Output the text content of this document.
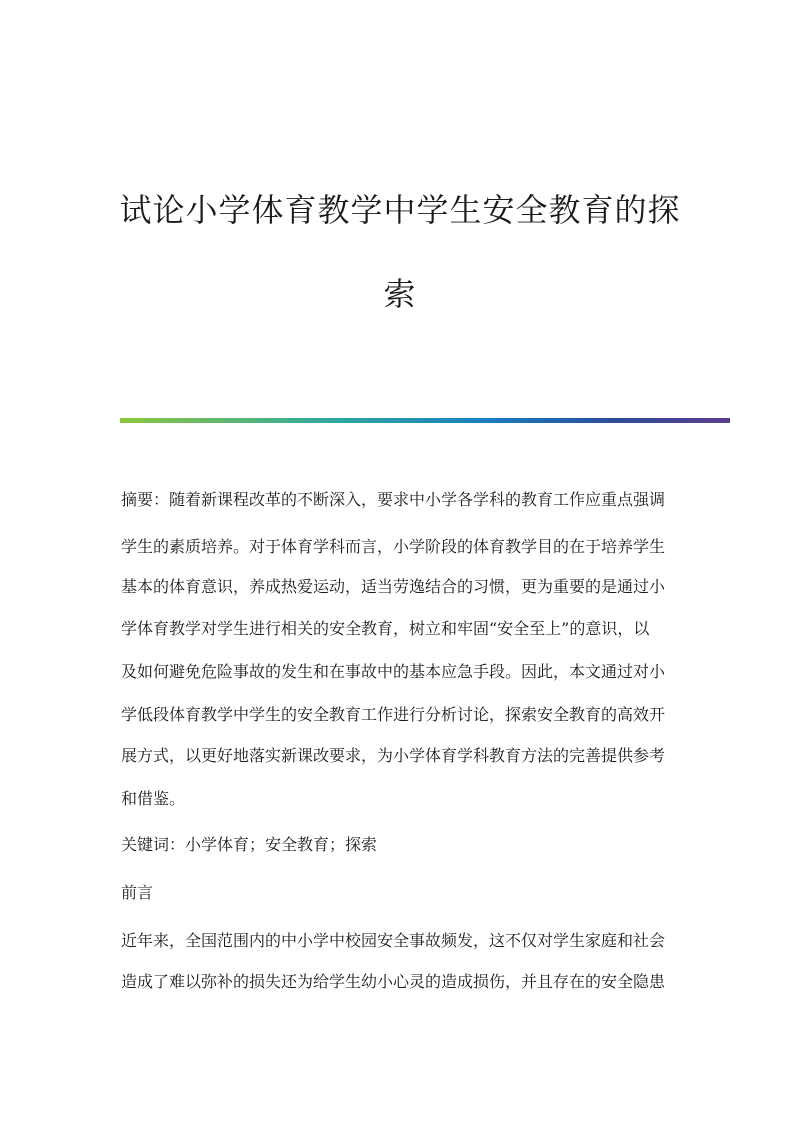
试论小学体育教学中学生安全教育的探
索
摘要：随着新课程改革的不断深入，要求中小学各学科的教育工作应重点强调
学生的素质培养。对于体育学科而言，小学阶段的体育教学目的在于培养学生
基本的体育意识，养成热爱运动，适当劳逸结合的习惯，更为重要的是通过小
学体育教学对学生进行相关的安全教育，树立和牢固“安全至上”的意识，以
及如何避免危险事故的发生和在事故中的基本应急手段。因此，本文通过对小
学低段体育教学中学生的安全教育工作进行分析讨论，探索安全教育的高效开
展方式，以更好地落实新课改要求，为小学体育学科教育方法的完善提供参考
和借鉴。
关键词：小学体育；安全教育；探索
前言
近年来，全国范围内的中小学中校园安全事故频发，这不仅对学生家庭和社会
造成了难以弥补的损失还为给学生幼小心灵的造成损伤，并且存在的安全隐患
